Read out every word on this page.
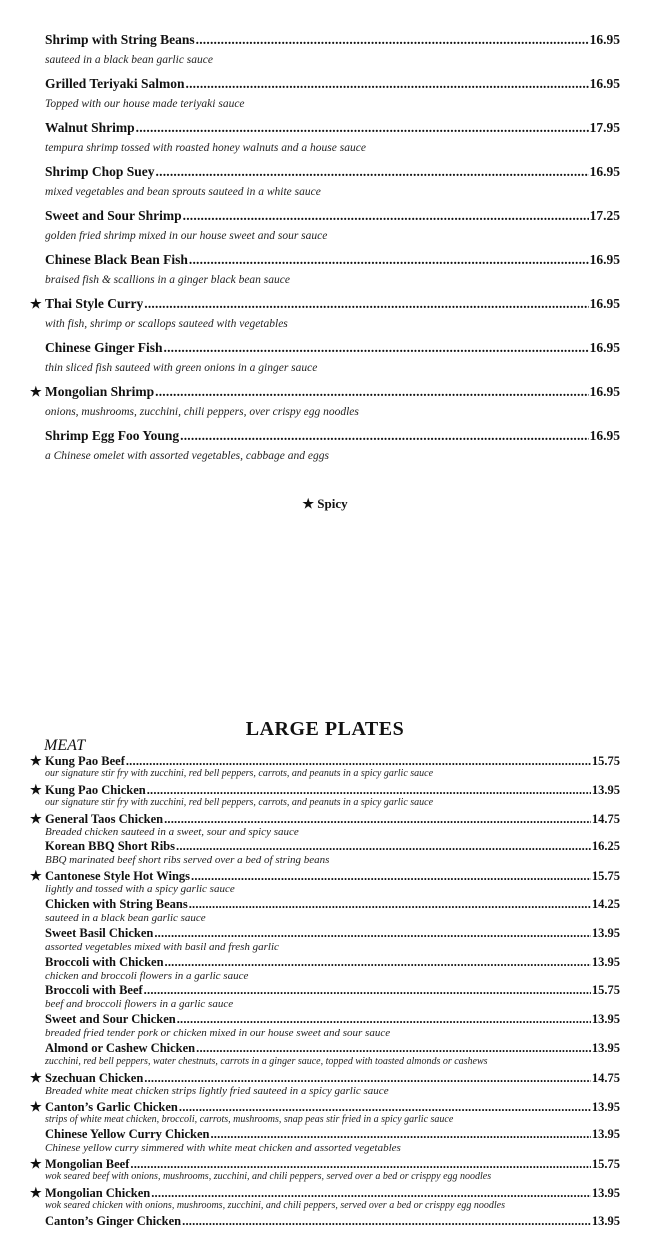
Shrimp with String Beans .....	16.95
sauteed in a black bean garlic sauce
Grilled Teriyaki Salmon .....	16.95
Topped with our house made teriyaki sauce
Walnut Shrimp .....	17.95
tempura shrimp tossed with roasted honey walnuts and a house sauce
Shrimp Chop Suey .....	16.95
mixed vegetables and bean sprouts sauteed in a white sauce
Sweet and Sour Shrimp .....	17.25
golden fried shrimp mixed in our house sweet and sour sauce
Chinese Black Bean Fish .....	16.95
braised fish & scallions in a ginger black bean sauce
★ Thai Style Curry .....	16.95
with fish, shrimp or scallops sauteed with vegetables
Chinese Ginger Fish .....	16.95
thin sliced fish sauteed with green onions in a ginger sauce
★ Mongolian Shrimp .....	16.95
onions, mushrooms, zucchini, chili peppers, over crispy egg noodles
Shrimp Egg Foo Young .....	16.95
a Chinese omelet with assorted vegetables, cabbage and eggs
★ Spicy
LARGE PLATES
MEAT
★ Kung Pao Beef .....	15.75
our signature stir fry with zucchini, red bell peppers, carrots, and peanuts in a spicy garlic sauce
★ Kung Pao Chicken .....	13.95
our signature stir fry with zucchini, red bell peppers, carrots, and peanuts in a spicy garlic sauce
★ General Taos Chicken .....	14.75
Breaded chicken sauteed in a sweet, sour and spicy sauce
Korean BBQ Short Ribs .....	16.25
BBQ marinated beef short ribs served over a bed of string beans
★ Cantonese Style Hot Wings .....	15.75
lightly and tossed with a spicy garlic sauce
Chicken with String Beans .....	14.25
sauteed in a black bean garlic sauce
Sweet Basil Chicken .....	13.95
assorted vegetables mixed with basil and fresh garlic
Broccoli with Chicken .....	13.95
chicken and broccoli flowers in a garlic sauce
Broccoli with Beef .....	15.75
beef and broccoli flowers in a garlic sauce
Sweet and Sour Chicken .....	13.95
breaded fried tender pork or chicken mixed in our house sweet and sour sauce
Almond or Cashew Chicken .....	13.95
zucchini, red bell peppers, water chestnuts, carrots in a ginger sauce, topped with toasted almonds or cashews
★ Szechuan Chicken .....	14.75
Breaded white meat chicken strips lightly fried sauteed in a spicy garlic sauce
★ Canton’s Garlic Chicken .....	13.95
strips of white meat chicken, broccoli, carrots, mushrooms, snap peas stir fried in a spicy garlic sauce
Chinese Yellow Curry Chicken .....	13.95
Chinese yellow curry simmered with white meat chicken and assorted vegetables
★ Mongolian Beef .....	15.75
wok seared beef with onions, mushrooms, zucchini, and chili peppers, served over a bed or crisppy egg noodles
★ Mongolian Chicken .....	13.95
wok seared chicken with onions, mushrooms, zucchini, and chili peppers, served over a bed or crisppy egg noodles
Canton’s Ginger Chicken .....	13.95
